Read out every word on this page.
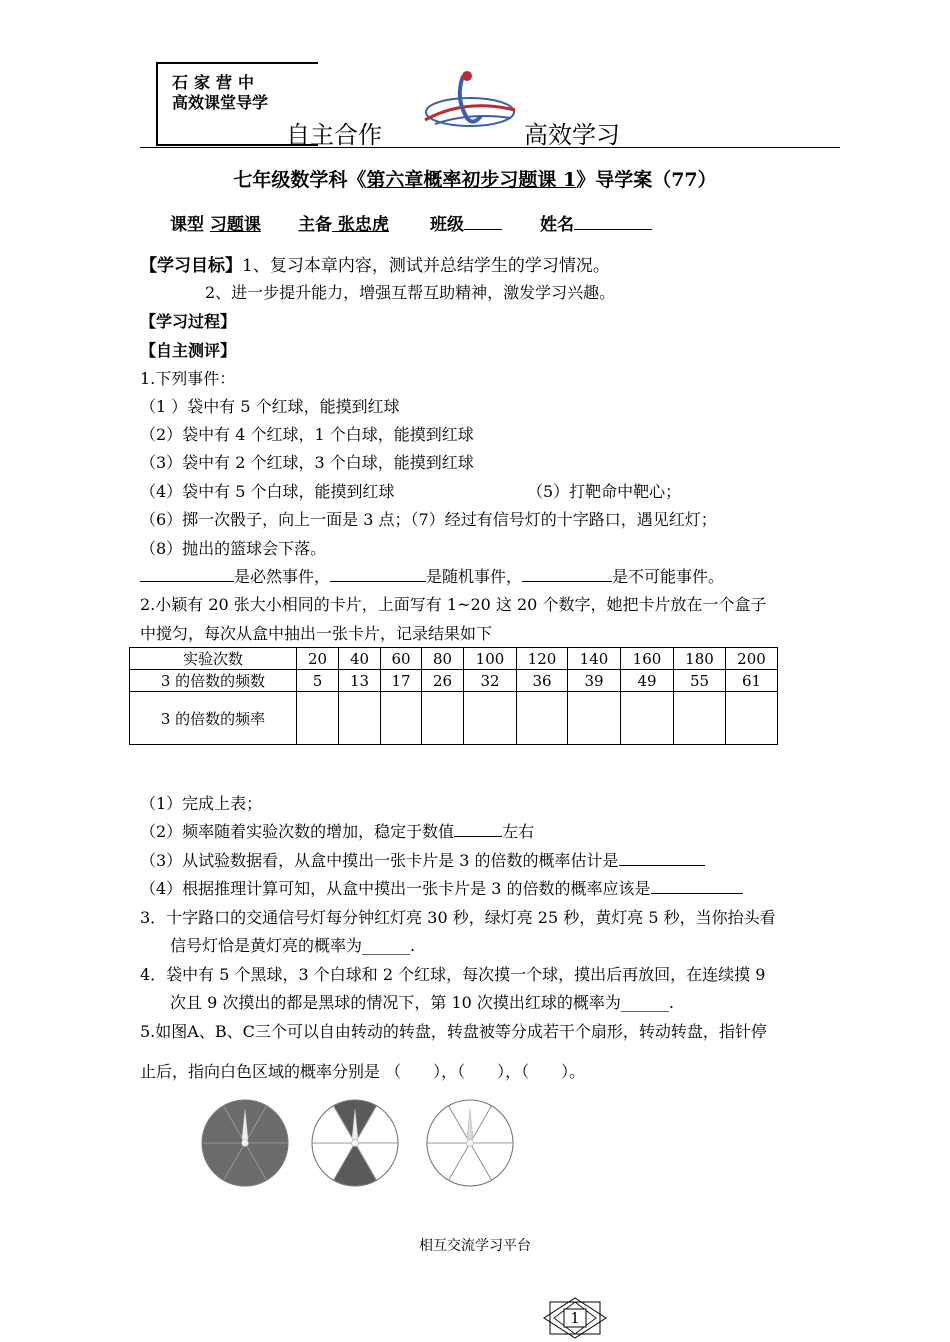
石家营中
高效课堂导学
自主合作	高效学习
七年级数学科《第六章概率初步习题课 1》导学案（77）
课型 习题课 主备 张忠虎 班级	姓名
【学习目标】1、复习本章内容，测试并总结学生的学习情况。
2、进一步提升能力，增强互帮互助精神，激发学习兴趣。
【学习过程】
【自主测评】
1.下列事件：
（1 ）袋中有 5 个红球，能摸到红球
（2）袋中有 4 个红球，1 个白球，能摸到红球
（3）袋中有 2 个红球，3 个白球，能摸到红球
（4）袋中有 5 个白球，能摸到红球	（5）打靶命中靶心；
（6）掷一次骰子，向上一面是 3 点；（7）经过有信号灯的十字路口，遇见红灯；
（8）抛出的篮球会下落。
是必然事件，	是随机事件，	是不可能事件。
2.小颖有 20 张大小相同的卡片，上面写有 1~20 这 20 个数字，她把卡片放在一个盒子
中搅匀，每次从盒中抽出一张卡片，记录结果如下
实验次数	20	40	60	80	100	120	140	160	180	200
3 的倍数的频数	5	13	17	26	32	36	39	49	55	61
3 的倍数的频率										
（1）完成上表；
（2）频率随着实验次数的增加，稳定于数值	左右
（3）从试验数据看，从盒中摸出一张卡片是 3 的倍数的概率估计是
（4）根据推理计算可知，从盒中摸出一张卡片是 3 的倍数的概率应该是
3．十字路口的交通信号灯每分钟红灯亮 30 秒，绿灯亮 25 秒，黄灯亮 5 秒，当你抬头看
信号灯恰是黄灯亮的概率为______.
4．袋中有 5 个黑球，3 个白球和 2 个红球，每次摸一个球，摸出后再放回，在连续摸 9
次且 9 次摸出的都是黑球的情况下，第 10 次摸出红球的概率为______.
5.如图A、B、C三个可以自由转动的转盘，转盘被等分成若干个扇形，转动转盘，指针停
止后，指向白色区域的概率分别是 （　　），（　　），（　　）。
相互交流学习平台
1
